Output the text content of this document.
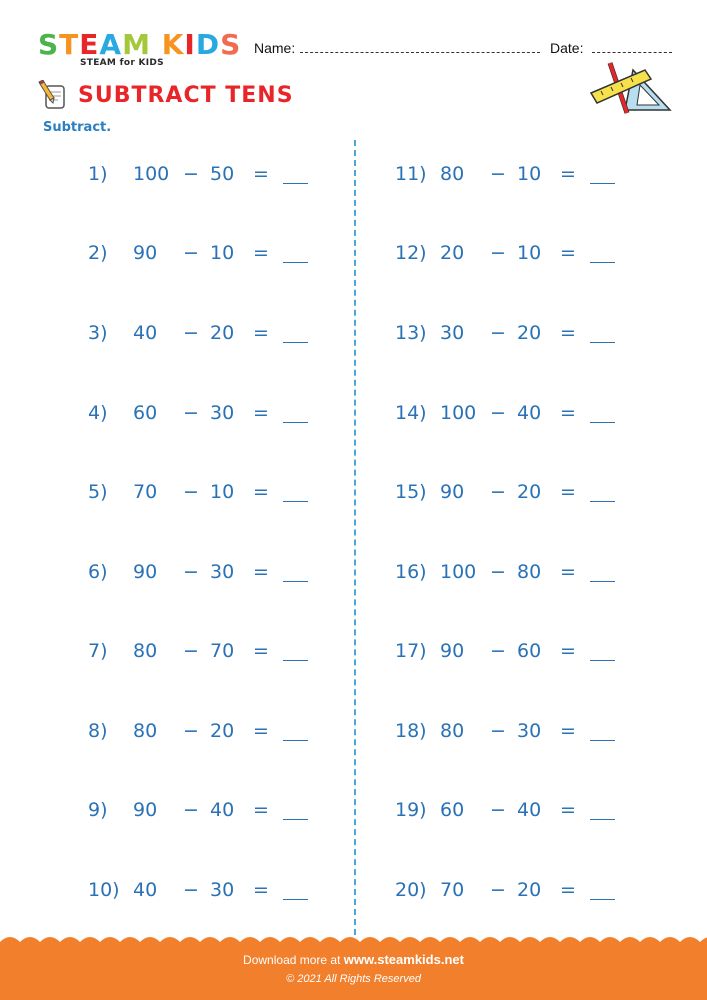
STEAM KIDS
STEAM for KIDS
Name:	Date:
SUBTRACT TENS
Subtract.
1) 100 − 50 =
2) 90 − 10 =
3) 40 − 20 =
4) 60 − 30 =
5) 70 − 10 =
6) 90 − 30 =
7) 80 − 70 =
8) 80 − 20 =
9) 90 − 40 =
10) 40 − 30 =
11) 80 − 10 =
12) 20 − 10 =
13) 30 − 20 =
14) 100 − 40 =
15) 90 − 20 =
16) 100 − 80 =
17) 90 − 60 =
18) 80 − 30 =
19) 60 − 40 =
20) 70 − 20 =
Download more at www.steamkids.net
© 2021 All Rights Reserved
